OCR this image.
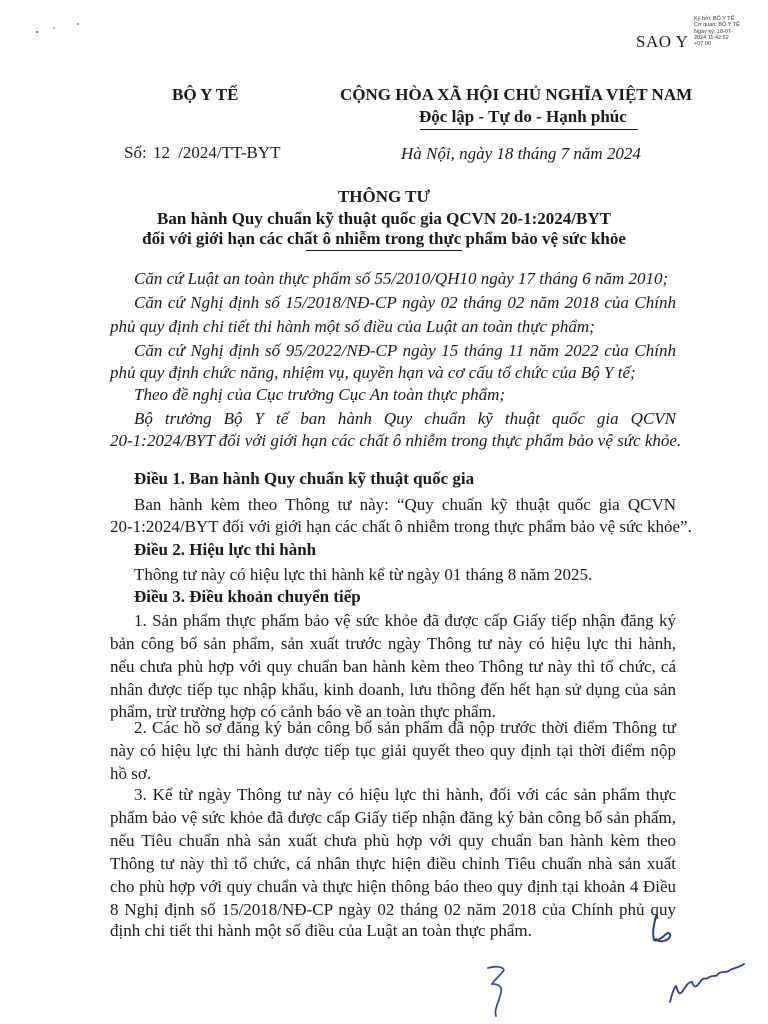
SAO Y
Ký bởi: BỘ Y TẾ
Cơ quan: BỘ Y TẾ
Ngày ký: 18-07-
2024 11:42:52
+07:00
BỘ Y TẾ	CỘNG HÒA XÃ HỘI CHỦ NGHĨA VIỆT NAM
Độc lập - Tự do - Hạnh phúc
Số: 12 /2024/TT-BYT	Hà Nội, ngày 18 tháng 7 năm 2024
THÔNG TƯ
Ban hành Quy chuẩn kỹ thuật quốc gia QCVN 20-1:2024/BYT
đối với giới hạn các chất ô nhiễm trong thực phẩm bảo vệ sức khỏe
Căn cứ Luật an toàn thực phẩm số 55/2010/QH10 ngày 17 tháng 6 năm 2010;
Căn cứ Nghị định số 15/2018/NĐ-CP ngày 02 tháng 02 năm 2018 của Chính
phủ quy định chi tiết thi hành một số điều của Luật an toàn thực phẩm;
Căn cứ Nghị định số 95/2022/NĐ-CP ngày 15 tháng 11 năm 2022 của Chính
phủ quy định chức năng, nhiệm vụ, quyền hạn và cơ cấu tổ chức của Bộ Y tế;
Theo đề nghị của Cục trưởng Cục An toàn thực phẩm;
Bộ trưởng Bộ Y tế ban hành Quy chuẩn kỹ thuật quốc gia QCVN
20-1:2024/BYT đối với giới hạn các chất ô nhiễm trong thực phẩm bảo vệ sức khỏe.
Điều 1. Ban hành Quy chuẩn kỹ thuật quốc gia
Ban hành kèm theo Thông tư này: “Quy chuẩn kỹ thuật quốc gia QCVN
20-1:2024/BYT đối với giới hạn các chất ô nhiễm trong thực phẩm bảo vệ sức khỏe”.
Điều 2. Hiệu lực thi hành
Thông tư này có hiệu lực thi hành kể từ ngày 01 tháng 8 năm 2025.
Điều 3. Điều khoản chuyển tiếp
1. Sản phẩm thực phẩm bảo vệ sức khỏe đã được cấp Giấy tiếp nhận đăng ký
bản công bố sản phẩm, sản xuất trước ngày Thông tư này có hiệu lực thi hành,
nếu chưa phù hợp với quy chuẩn ban hành kèm theo Thông tư này thì tổ chức, cá
nhân được tiếp tục nhập khẩu, kinh doanh, lưu thông đến hết hạn sử dụng của sản
phẩm, trừ trường hợp có cảnh báo về an toàn thực phẩm.
2. Các hồ sơ đăng ký bản công bố sản phẩm đã nộp trước thời điểm Thông tư
này có hiệu lực thi hành được tiếp tục giải quyết theo quy định tại thời điểm nộp
hồ sơ.
3. Kể từ ngày Thông tư này có hiệu lực thi hành, đối với các sản phẩm thực
phẩm bảo vệ sức khỏe đã được cấp Giấy tiếp nhận đăng ký bản công bố sản phẩm,
nếu Tiêu chuẩn nhà sản xuất chưa phù hợp với quy chuẩn ban hành kèm theo
Thông tư này thì tổ chức, cá nhân thực hiện điều chỉnh Tiêu chuẩn nhà sản xuất
cho phù hợp với quy chuẩn và thực hiện thông báo theo quy định tại khoản 4 Điều
8 Nghị định số 15/2018/NĐ-CP ngày 02 tháng 02 năm 2018 của Chính phủ quy
định chi tiết thi hành một số điều của Luật an toàn thực phẩm.
